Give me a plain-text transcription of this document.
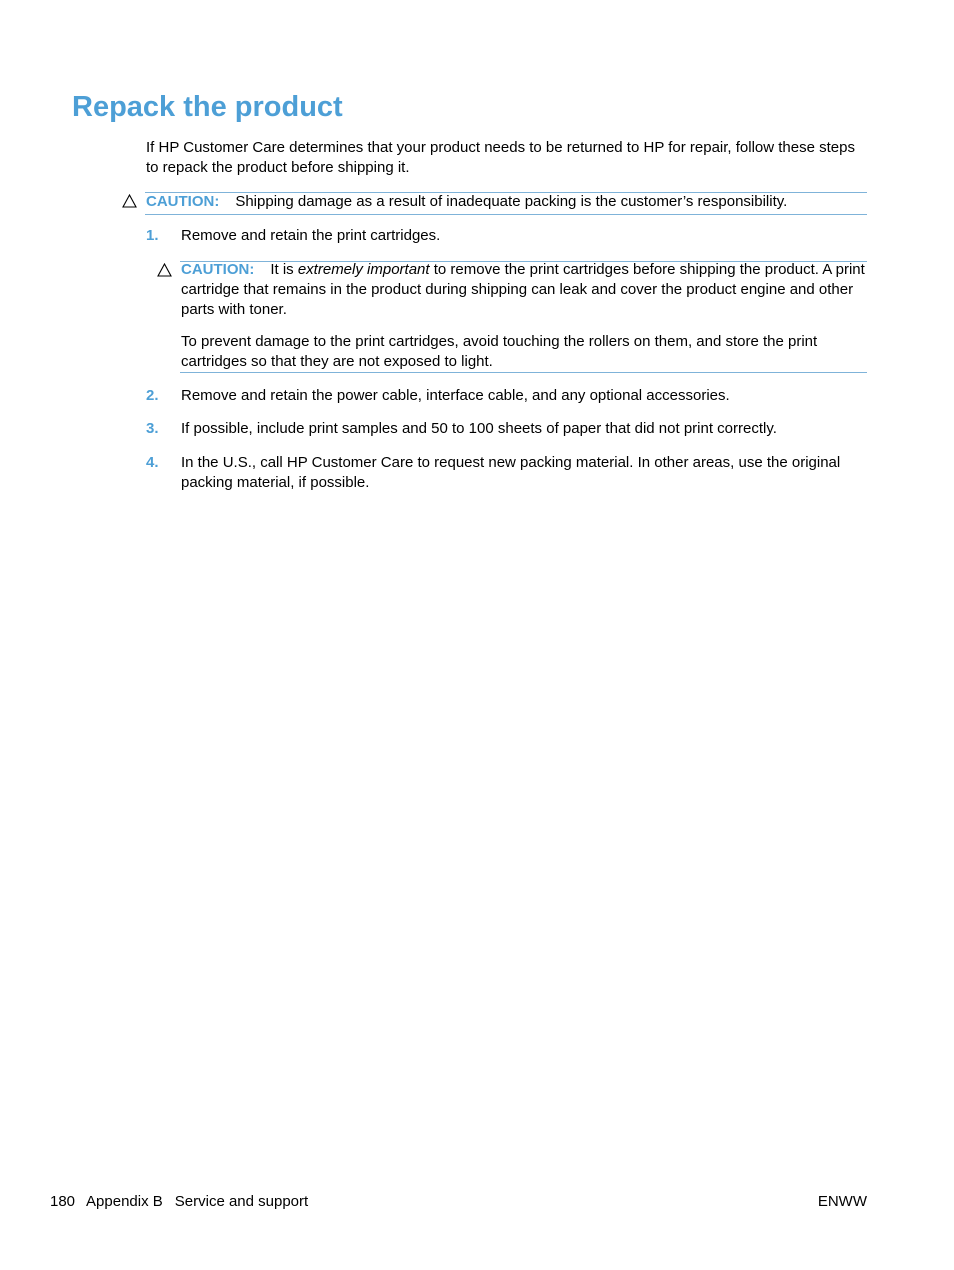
Repack the product
If HP Customer Care determines that your product needs to be returned to HP for repair, follow these steps to repack the product before shipping it.
CAUTION: Shipping damage as a result of inadequate packing is the customer’s responsibility.
1. Remove and retain the print cartridges.
CAUTION: It is extremely important to remove the print cartridges before shipping the product. A print cartridge that remains in the product during shipping can leak and cover the product engine and other parts with toner.
To prevent damage to the print cartridges, avoid touching the rollers on them, and store the print cartridges so that they are not exposed to light.
2. Remove and retain the power cable, interface cable, and any optional accessories.
3. If possible, include print samples and 50 to 100 sheets of paper that did not print correctly.
4. In the U.S., call HP Customer Care to request new packing material. In other areas, use the original packing material, if possible.
180 Appendix B Service and support	ENWW
